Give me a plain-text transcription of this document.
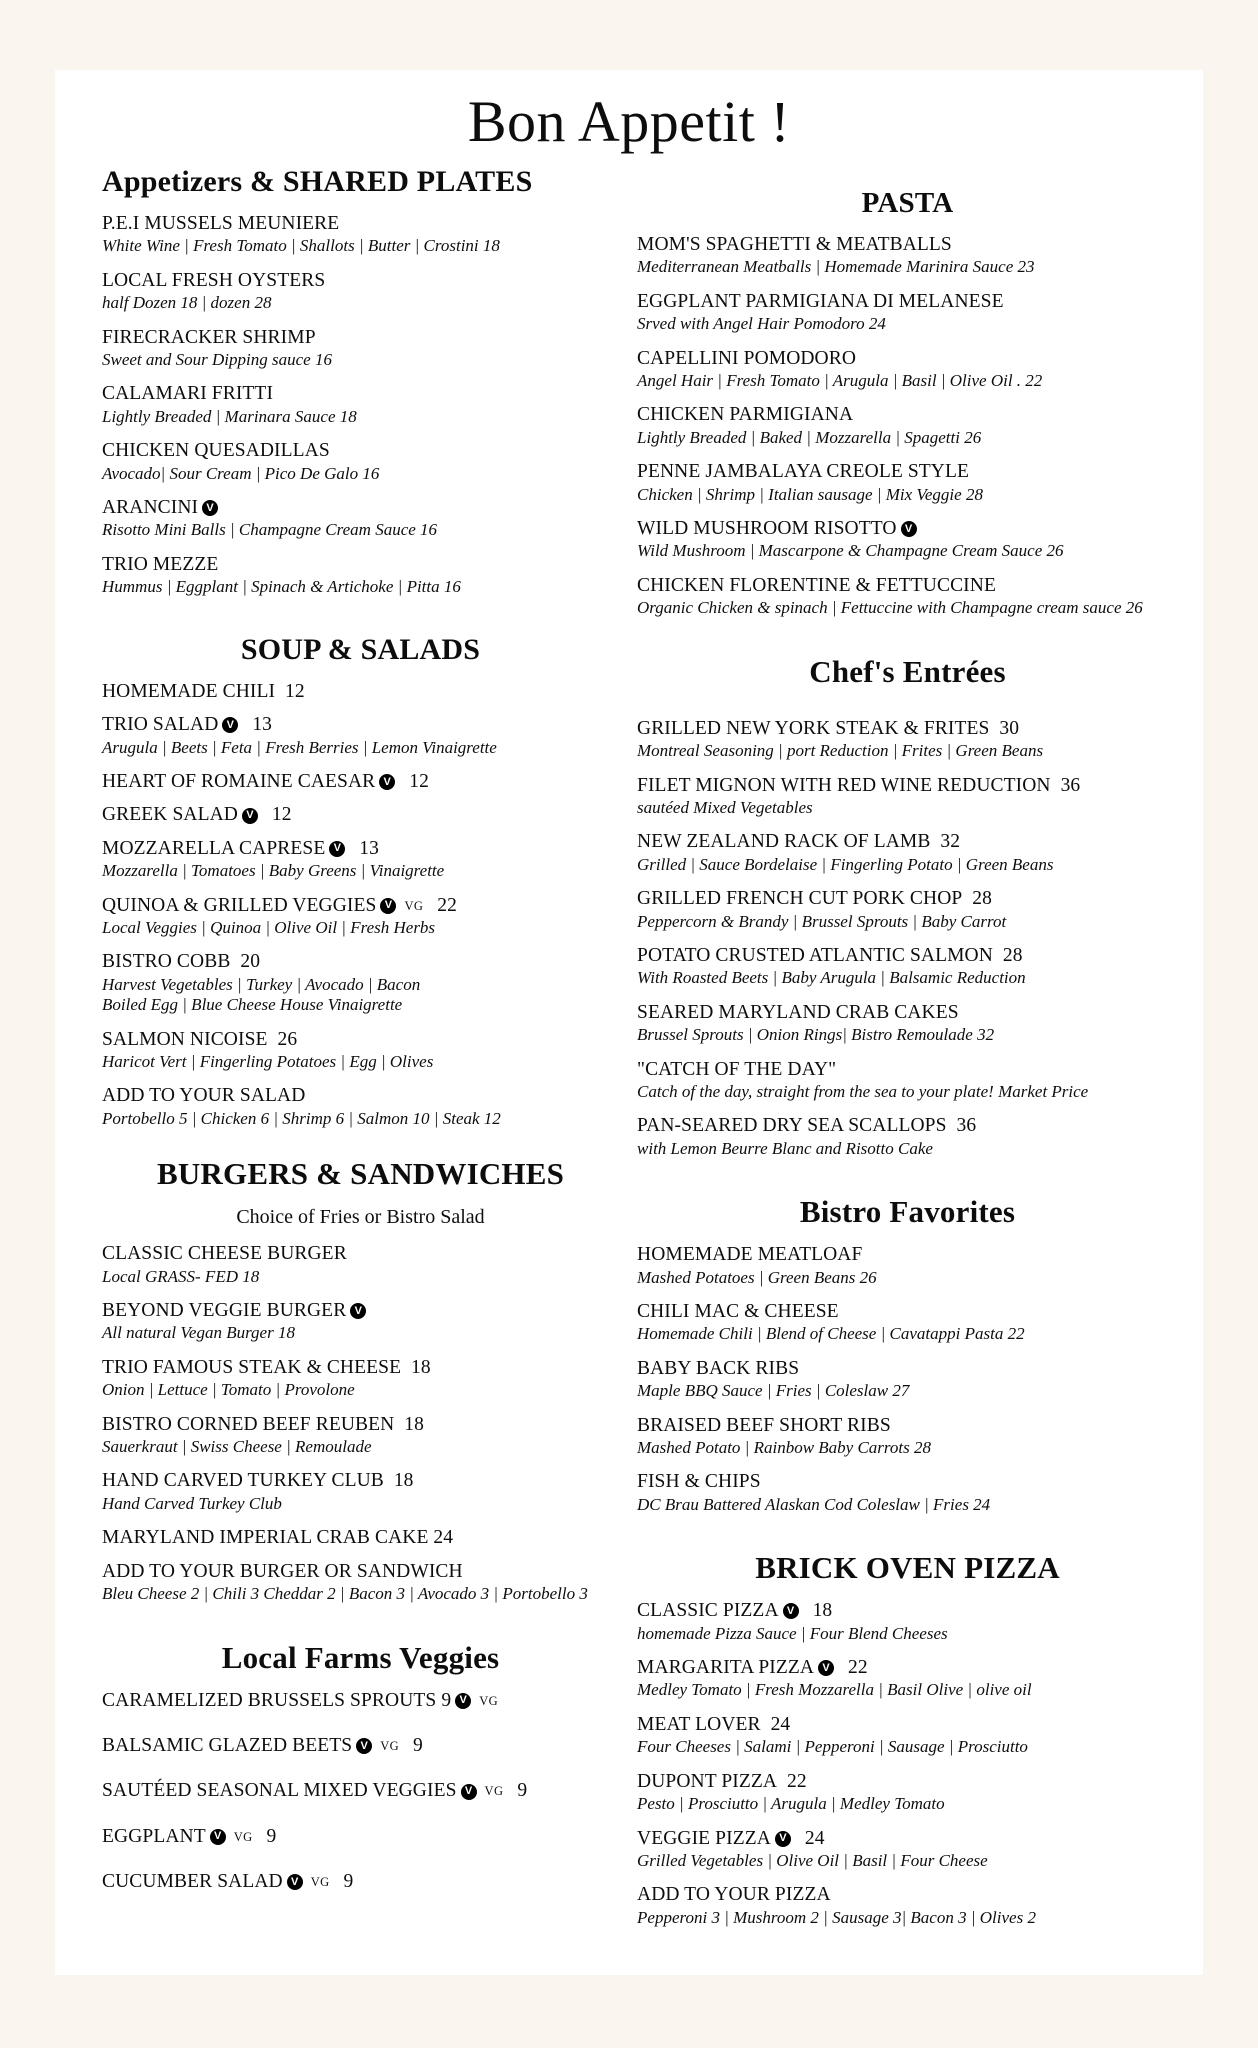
Bon Appetit !
Appetizers & SHARED PLATES
P.E.I MUSSELS MEUNIERE
White Wine | Fresh Tomato | Shallots | Butter | Crostini 18
LOCAL FRESH OYSTERS
half Dozen 18 | dozen 28
FIRECRACKER SHRIMP
Sweet and Sour Dipping sauce 16
CALAMARI FRITTI
Lightly Breaded | Marinara Sauce 18
CHICKEN QUESADILLAS
Avocado| Sour Cream | Pico De Galo 16
ARANCINI V
Risotto Mini Balls | Champagne Cream Sauce 16
TRIO MEZZE
Hummus | Eggplant | Spinach & Artichoke | Pitta 16
SOUP & SALADS
HOMEMADE CHILI 12
TRIO SALAD V 13
Arugula | Beets | Feta | Fresh Berries | Lemon Vinaigrette
HEART OF ROMAINE CAESAR V 12
GREEK SALAD V 12
MOZZARELLA CAPRESE V 13
Mozzarella | Tomatoes | Baby Greens | Vinaigrette
QUINOA & GRILLED VEGGIES V VG 22
Local Veggies | Quinoa | Olive Oil | Fresh Herbs
BISTRO COBB 20
Harvest Vegetables | Turkey | Avocado | Bacon
Boiled Egg | Blue Cheese House Vinaigrette
SALMON NICOISE 26
Haricot Vert | Fingerling Potatoes | Egg | Olives
ADD TO YOUR SALAD
Portobello 5 | Chicken 6 | Shrimp 6 | Salmon 10 | Steak 12
BURGERS & SANDWICHES
Choice of Fries or Bistro Salad
CLASSIC CHEESE BURGER
Local GRASS- FED 18
BEYOND VEGGIE BURGER V
All natural Vegan Burger 18
TRIO FAMOUS STEAK & CHEESE 18
Onion | Lettuce | Tomato | Provolone
BISTRO CORNED BEEF REUBEN 18
Sauerkraut | Swiss Cheese | Remoulade
HAND CARVED TURKEY CLUB 18
Hand Carved Turkey Club
MARYLAND IMPERIAL CRAB CAKE 24
ADD TO YOUR BURGER OR SANDWICH
Bleu Cheese 2 | Chili 3 Cheddar 2 | Bacon 3 | Avocado 3 | Portobello 3
Local Farms Veggies
CARAMELIZED BRUSSELS SPROUTS 9 V VG
BALSAMIC GLAZED BEETS V VG 9
SAUTÉED SEASONAL MIXED VEGGIES V VG 9
EGGPLANT V VG 9
CUCUMBER SALAD V VG 9
PASTA
MOM'S SPAGHETTI & MEATBALLS
Mediterranean Meatballs | Homemade Marinira Sauce 23
EGGPLANT PARMIGIANA DI MELANESE
Srved with Angel Hair Pomodoro 24
CAPELLINI POMODORO
Angel Hair | Fresh Tomato | Arugula | Basil | Olive Oil . 22
CHICKEN PARMIGIANA
Lightly Breaded | Baked | Mozzarella | Spagetti 26
PENNE JAMBALAYA CREOLE STYLE
Chicken | Shrimp | Italian sausage | Mix Veggie 28
WILD MUSHROOM RISOTTO V
Wild Mushroom | Mascarpone & Champagne Cream Sauce 26
CHICKEN FLORENTINE & FETTUCCINE
Organic Chicken & spinach | Fettuccine with Champagne cream sauce 26
Chef's Entrées
GRILLED NEW YORK STEAK & FRITES 30
Montreal Seasoning | port Reduction | Frites | Green Beans
FILET MIGNON WITH RED WINE REDUCTION 36
sautéed Mixed Vegetables
NEW ZEALAND RACK OF LAMB 32
Grilled | Sauce Bordelaise | Fingerling Potato | Green Beans
GRILLED FRENCH CUT PORK CHOP 28
Peppercorn & Brandy | Brussel Sprouts | Baby Carrot
POTATO CRUSTED ATLANTIC SALMON 28
With Roasted Beets | Baby Arugula | Balsamic Reduction
SEARED MARYLAND CRAB CAKES
Brussel Sprouts | Onion Rings| Bistro Remoulade 32
"CATCH OF THE DAY"
Catch of the day, straight from the sea to your plate! Market Price
PAN-SEARED DRY SEA SCALLOPS 36
with Lemon Beurre Blanc and Risotto Cake
Bistro Favorites
HOMEMADE MEATLOAF
Mashed Potatoes | Green Beans 26
CHILI MAC & CHEESE
Homemade Chili | Blend of Cheese | Cavatappi Pasta 22
BABY BACK RIBS
Maple BBQ Sauce | Fries | Coleslaw 27
BRAISED BEEF SHORT RIBS
Mashed Potato | Rainbow Baby Carrots 28
FISH & CHIPS
DC Brau Battered Alaskan Cod Coleslaw | Fries 24
BRICK OVEN PIZZA
CLASSIC PIZZA V 18
homemade Pizza Sauce | Four Blend Cheeses
MARGARITA PIZZA V 22
Medley Tomato | Fresh Mozzarella | Basil Olive | olive oil
MEAT LOVER 24
Four Cheeses | Salami | Pepperoni | Sausage | Prosciutto
DUPONT PIZZA 22
Pesto | Prosciutto | Arugula | Medley Tomato
VEGGIE PIZZA V 24
Grilled Vegetables | Olive Oil | Basil | Four Cheese
ADD TO YOUR PIZZA
Pepperoni 3 | Mushroom 2 | Sausage 3| Bacon 3 | Olives 2
